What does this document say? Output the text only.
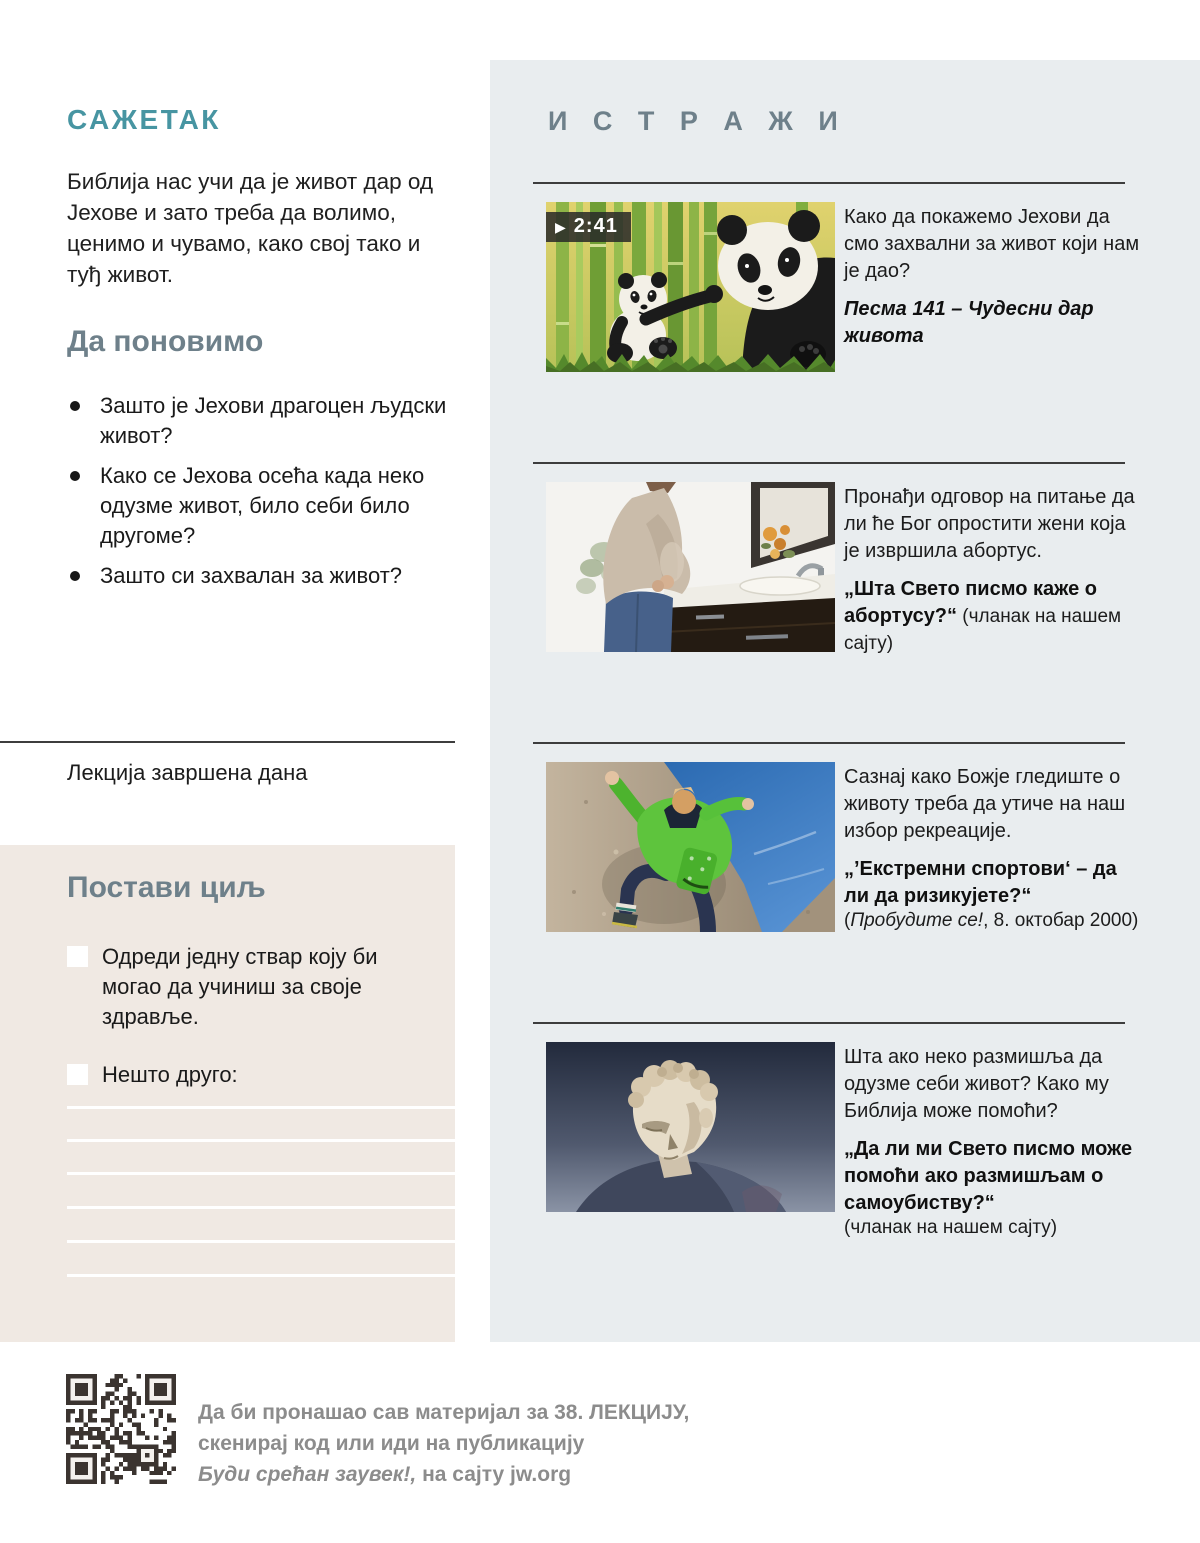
САЖЕТАК

Библија нас учи да је живот дар од Јехове и зато треба да волимо, ценимо и чувамо, како свој тако и туђ живот.

Да поновимо
Зашто је Јехови драгоцен људски живот?
Како се Јехова осећа када неко одузме живот, било себи било другоме?
Зашто си захвалан за живот?

Лекција завршена дана

Постави циљ
Одреди једну ствар коју би могао да учиниш за своје здравље.
Нешто друго:
И С Т Р А Ж И
▶ 2:41	Како да покажемо Јехови да смо захвални за живот који нам је дао?

Песма 141 – Чудесни дар живота

Пронађи одговор на питање да ли ће Бог опростити жени која је извршила абортус.

„Шта Свето писмо каже о абортусу?“ (чланак на нашем сајту)

Сазнај како Божје гледиште о животу треба да утиче на наш избор рекреације.

„’Екстремни спортови‘ – да ли да ризикујете?“

(Пробудите се!, 8. октобар 2000)

Шта ако неко размишља да одузме себи живот? Како му Библија може помоћи?

„Да ли ми Свето писмо може помоћи ако размишљам о самоубиству?“

(чланак на нашем сајту)

Да би пронашао сав материјал за 38. ЛЕКЦИЈУ,
скенирај код или иди на публикацију
Буди срећан заувек!, на сајту jw.org
